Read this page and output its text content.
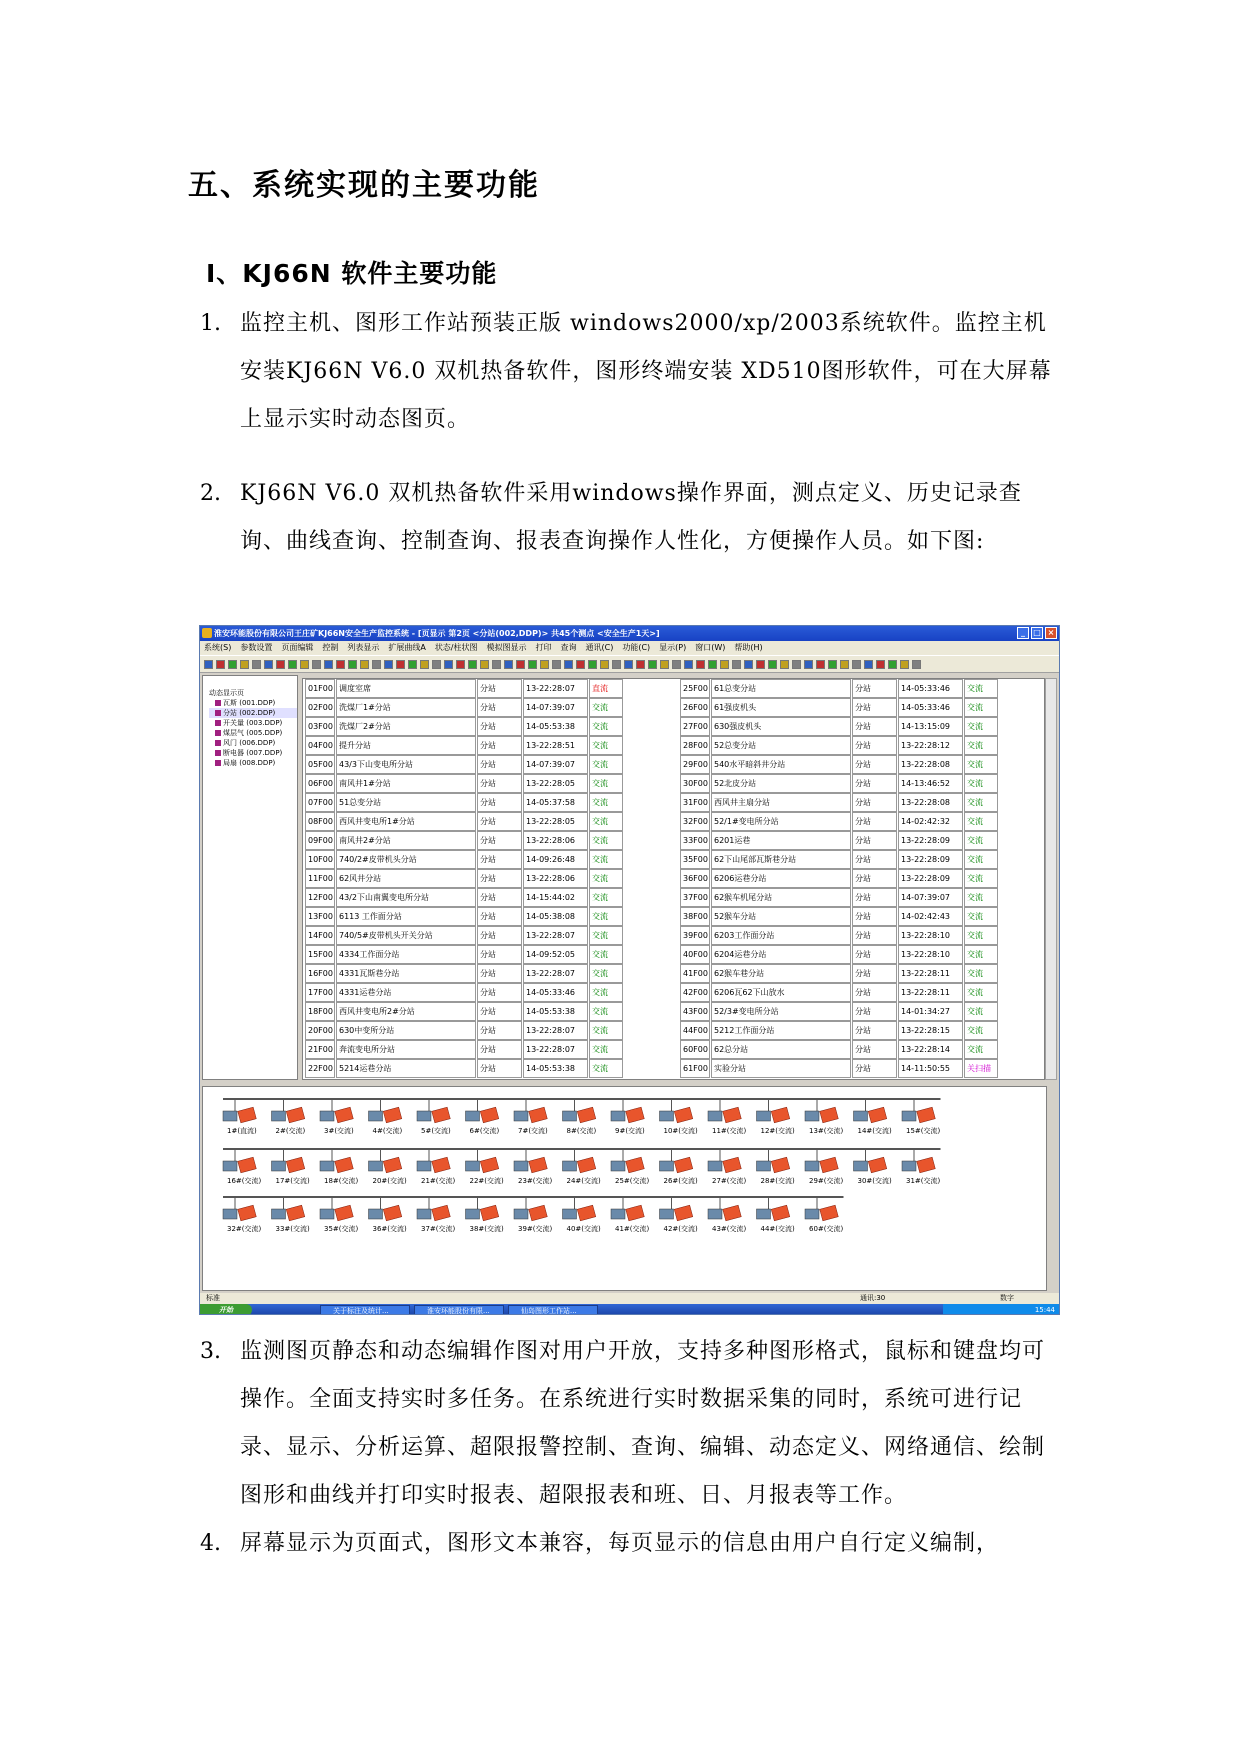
五、系统实现的主要功能
Ⅰ、KJ66N 软件主要功能
1. 监控主机、图形工作站预装正版 windows2000/xp/2003系统软件。监控主机安装KJ66N V6.0 双机热备软件，图形终端安装 XD510图形软件，可在大屏幕上显示实时动态图页。
2. KJ66N V6.0 双机热备软件采用windows操作界面，测点定义、历史记录查询、曲线查询、控制查询、报表查询操作人性化，方便操作人员。如下图:
淮安环能股份有限公司王庄矿KJ66N安全生产监控系统 - [页显示 第2页 <分站(002,DDP)> 共45个测点 <安全生产1天>]	_	□ ×
系统(S) 参数设置 页面编辑 控制 列表显示 扩展曲线A 状态/柱状图 模拟图显示 打印 查询 通讯(C) 功能(C) 显示(P) 窗口(W) 帮助(H)
动态显示页
瓦斯 (001.DDP)
分站 (002.DDP)
开关量 (003.DDP)
煤层气 (005.DDP)
风门 (006.DDP)
断电器 (007.DDP)
局扇 (008.DDP)
01F00 调度室席	分站	13-22:28:07	直流
02F00 洗煤厂1#分站	分站	14-07:39:07	交流
03F00 洗煤厂2#分站	分站	14-05:53:38	交流
04F00 提升分站	分站	13-22:28:51	交流
05F00 43/3下山变电所分站	分站	14-07:39:07	交流
06F00 南风井1#分站	分站	13-22:28:05	交流
07F00 51总变分站	分站	14-05:37:58	交流
08F00 西风井变电所1#分站	分站	13-22:28:05	交流
09F00 南风井2#分站	分站	13-22:28:06	交流
10F00 740/2#皮带机头分站	分站	14-09:26:48	交流
11F00 62风井分站	分站	13-22:28:06	交流
12F00 43/2下山南翼变电所分站	分站	14-15:44:02	交流
13F00 6113 工作面分站	分站	14-05:38:08	交流
14F00 740/5#皮带机头开关分站	分站	13-22:28:07	交流
15F00 4334工作面分站	分站	14-09:52:05	交流
16F00 4331瓦斯巷分站	分站	13-22:28:07	交流
17F00 4331运巷分站	分站	14-05:33:46	交流
18F00 西风井变电所2#分站	分站	14-05:53:38	交流
20F00 630中变所分站	分站	13-22:28:07	交流
21F00 奔流变电所分站	分站	13-22:28:07	交流
22F00 5214运巷分站	分站	14-05:53:38	交流
25F00 61总变分站	分站	14-05:33:46	交流
26F00 61强皮机头	分站	14-05:33:46	交流
27F00 630强皮机头	分站	14-13:15:09	交流
28F00 52总变分站	分站	13-22:28:12	交流
29F00 540水平暗斜井分站	分站	13-22:28:08	交流
30F00 52北皮分站	分站	14-13:46:52	交流
31F00 西风井主扇分站	分站	13-22:28:08	交流
32F00 52/1#变电所分站	分站	14-02:42:32	交流
33F00 6201运巷	分站	13-22:28:09	交流
35F00 62下山尾部瓦斯巷分站	分站	13-22:28:09	交流
36F00 6206运巷分站	分站	13-22:28:09	交流
37F00 62猴车机尾分站	分站	14-07:39:07	交流
38F00 52猴车分站	分站	14-02:42:43	交流
39F00 6203工作面分站	分站	13-22:28:10	交流
40F00 6204运巷分站	分站	13-22:28:10	交流
41F00 62猴车巷分站	分站	13-22:28:11	交流
42F00 6206瓦62下山放水	分站	13-22:28:11	交流
43F00 52/3#变电所分站	分站	14-01:34:27	交流
44F00 5212工作面分站	分站	13-22:28:15	交流
60F00 62总分站	分站	13-22:28:14	交流
61F00 实验分站	分站	14-11:50:55	关扫描
1#(直流)	2#(交流)	3#(交流)	4#(交流)	5#(交流)	6#(交流)	7#(交流)	8#(交流)	9#(交流)	10#(交流) 11#(交流) 12#(交流) 13#(交流) 14#(交流) 15#(交流)
16#(交流) 17#(交流) 18#(交流) 20#(交流) 21#(交流) 22#(交流) 23#(交流) 24#(交流) 25#(交流) 26#(交流) 27#(交流) 28#(交流) 29#(交流) 30#(交流) 31#(交流)
32#(交流) 33#(交流) 35#(交流) 36#(交流) 37#(交流) 38#(交流) 39#(交流) 40#(交流) 41#(交流) 42#(交流) 43#(交流) 44#(交流) 60#(交流)
标准	通讯:30	数字
开始	关于标注及统计...	淮安环能股份有限...	仙岛图形工作站...	15:44
3. 监测图页静态和动态编辑作图对用户开放，支持多种图形格式，鼠标和键盘均可操作。全面支持实时多任务。在系统进行实时数据采集的同时，系统可进行记录、显示、分析运算、超限报警控制、查询、编辑、动态定义、网络通信、绘制图形和曲线并打印实时报表、超限报表和班、日、月报表等工作。
4. 屏幕显示为页面式，图形文本兼容，每页显示的信息由用户自行定义编制，
